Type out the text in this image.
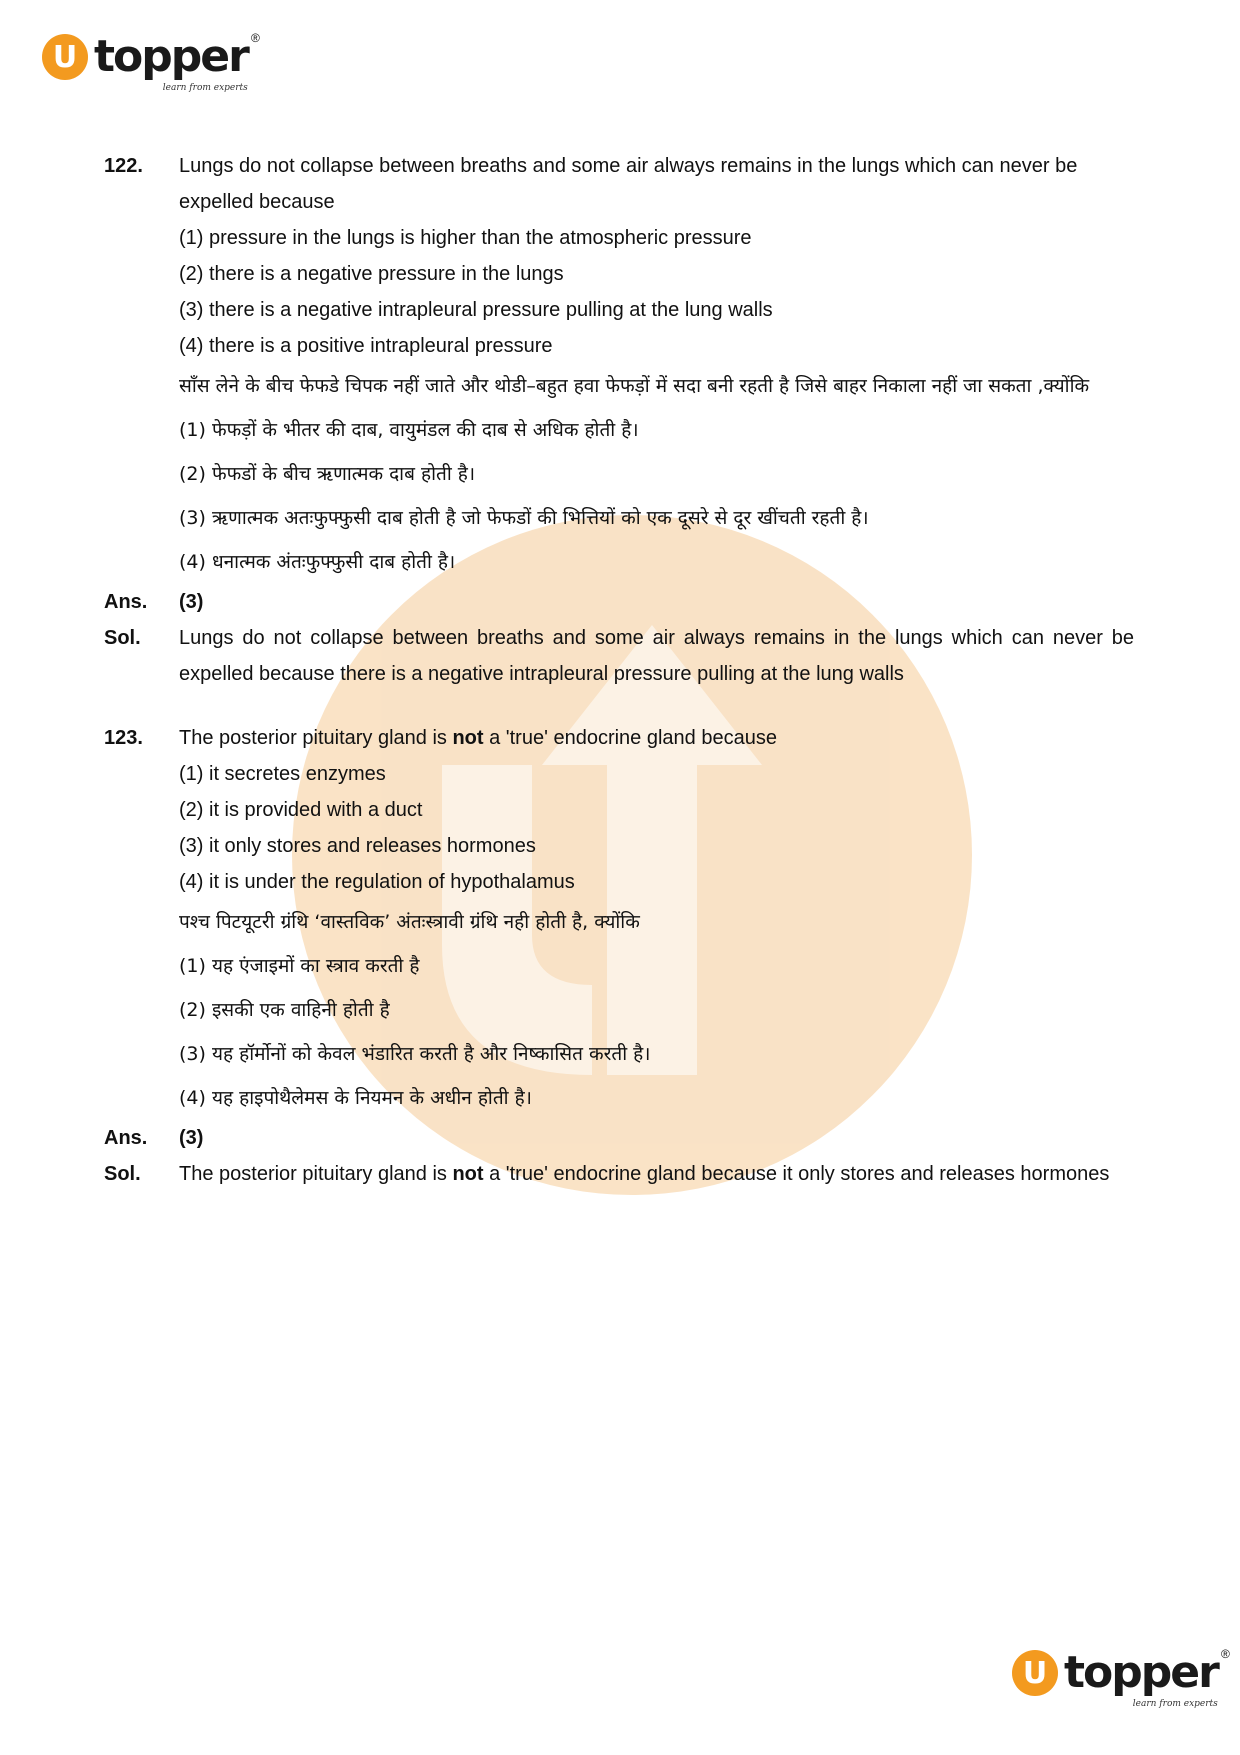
U topper ®
learn from experts
122.	Lungs do not collapse between breaths and some air always remains in the lungs which can never be expelled because

(1) pressure in the lungs is higher than the atmospheric pressure

(2) there is a negative pressure in the lungs

(3) there is a negative intrapleural pressure pulling at the lung walls

(4) there is a positive intrapleural pressure

साँस लेने के बीच फेफडे चिपक नहीं जाते और थोडी–बहुत हवा फेफड़ों में सदा बनी रहती है जिसे बाहर निकाला नहीं जा सकता ,क्योंकि

(1) फेफड़ों के भीतर की दाब, वायुमंडल की दाब से अधिक होती है।

(2) फेफडों के बीच ऋणात्मक दाब होती है।

(3) ऋणात्मक अतःफुफ्फुसी दाब होती है जो फेफडों की भित्तियों को एक दूसरे से दूर खींचती रहती है।

(4) धनात्मक अंतःफुफ्फुसी दाब होती है।

Ans.	(3)

Sol.	Lungs do not collapse between breaths and some air always remains in the lungs which can never be expelled because there is a negative intrapleural pressure pulling at the lung walls

123.	The posterior pituitary gland is not a 'true' endocrine gland because

(1) it secretes enzymes

(2) it is provided with a duct

(3) it only stores and releases hormones

(4) it is under the regulation of hypothalamus

पश्च पिटयूटरी ग्रंथि ‘वास्तविक’ अंतःस्त्रावी ग्रंथि नही होती है, क्योंकि

(1) यह एंजाइमों का स्त्राव करती है

(2) इसकी एक वाहिनी होती है

(3) यह हॉर्मोनों को केवल भंडारित करती है और निष्कासित करती है।

(4) यह हाइपोथैलेमस के नियमन के अधीन होती है।

Ans.	(3)

Sol.	The posterior pituitary gland is not a 'true' endocrine gland because it only stores and releases hormones

U topper ®
learn from experts
